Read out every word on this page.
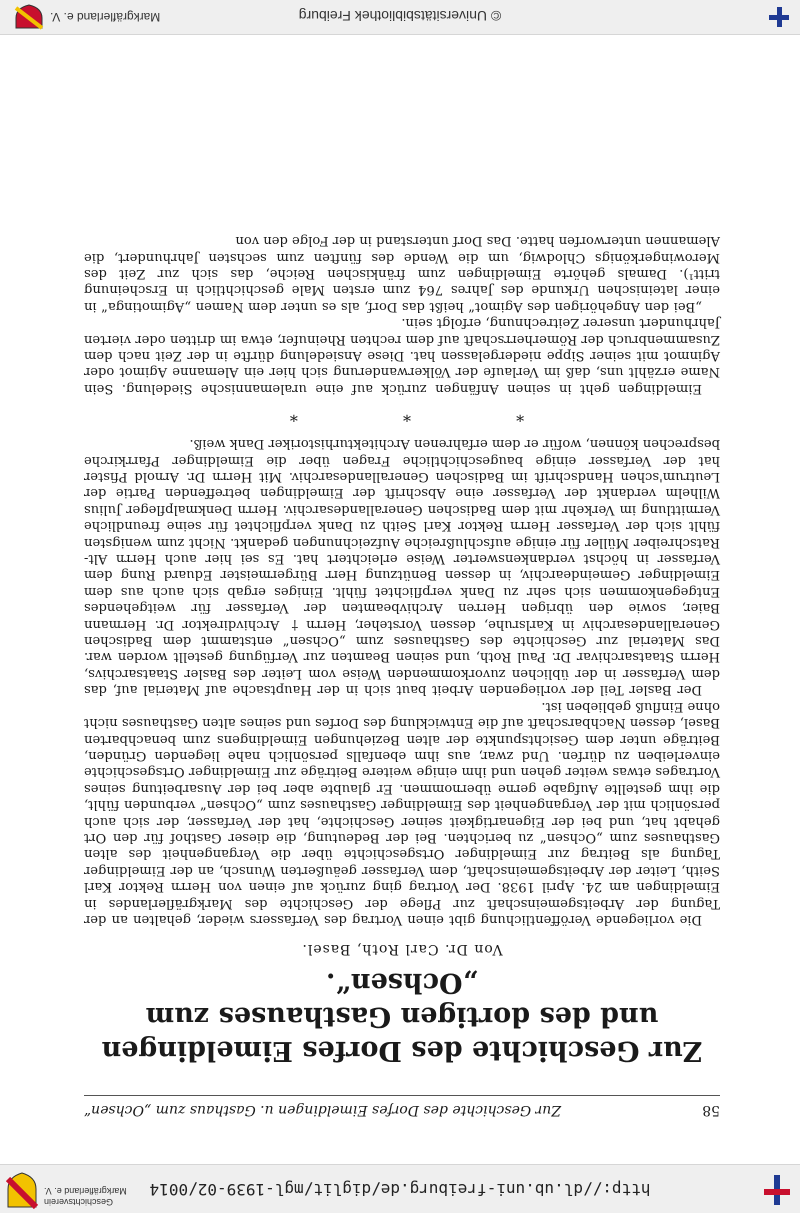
http://dl.ub.uni-freiburg.de/diglit/mgl-1939-02/0014
Geschichtsverein
Markgräflerland e. V.
58
Zur Geschichte des Dorfes Eimeldingen u. Gasthaus zum „Ochsen“
Zur Geschichte des Dorfes Eimeldingen und des dortigen Gasthauses zum „Ochsen“.
Von Dr. Carl Roth, Basel.

Die vorliegende Veröffentlichung gibt einen Vortrag des Verfassers wieder, gehalten an der Tagung der Arbeitsgemeinschaft zur Pflege der Geschichte des Markgräflerlandes in Eimeldingen am 24. April 1938. Der Vortrag ging zurück auf einen von Herrn Rektor Karl Seith, Leiter der Arbeitsgemeinschaft, dem Verfasser geäußerten Wunsch, an der Eimeldinger Tagung als Beitrag zur Eimeldinger Ortsgeschichte über die Vergangenheit des alten Gasthauses zum „Ochsen“ zu berichten. Bei der Bedeutung, die dieser Gasthof für den Ort gehabt hat, und bei der Eigenartigkeit seiner Geschichte, hat der Verfasser, der sich auch persönlich mit der Vergangenheit des Eimeldinger Gasthauses zum „Ochsen“ verbunden fühlt, die ihm gestellte Aufgabe gerne übernommen. Er glaubte aber bei der Ausarbeitung seines Vortrages etwas weiter gehen und ihm einige weitere Beiträge zur Eimeldinger Ortsgeschichte einverleiben zu dürfen. Und zwar, aus ihm ebenfalls persönlich nahe liegenden Gründen, Beiträge unter dem Gesichtspunkte der alten Beziehungen Eimeldingens zum benachbarten Basel, dessen Nachbarschaft auf die Entwicklung des Dorfes und seines alten Gasthauses nicht ohne Einfluß geblieben ist.

Der Basler Teil der vorliegenden Arbeit baut sich in der Hauptsache auf Material auf, das dem Verfasser in der üblichen zuvorkommenden Weise vom Leiter des Basler Staatsarchivs, Herrn Staatsarchivar Dr. Paul Roth, und seinen Beamten zur Verfügung gestellt worden war. Das Material zur Geschichte des Gasthauses zum „Ochsen“ entstammt dem Badischen Generallandesarchiv in Karlsruhe, dessen Vorsteher, Herrn † Archivdirektor Dr. Hermann Baier, sowie den übrigen Herren Archivbeamten der Verfasser für weitgehendes Entgegenkommen sich sehr zu Dank verpflichtet fühlt. Einiges ergab sich auch aus dem Eimeldinger Gemeindearchiv, in dessen Benützung Herr Bürgermeister Eduard Rung dem Verfasser in höchst verdankenswerter Weise erleichtert hat. Es sei hier auch Herrn Alt-Ratschreiber Müller für einige aufschlußreiche Aufzeichnungen gedankt. Nicht zum wenigsten fühlt sich der Verfasser Herrn Rektor Karl Seith zu Dank verpflichtet für seine freundliche Vermittlung im Verkehr mit dem Badischen Generallandesarchiv. Herrn Denkmalpfleger Julius Wilhelm verdankt der Verfasser eine Abschrift der Eimeldingen betreffenden Partie der Leutrum'schen Handschrift im Badischen Generallandesarchiv. Mit Herrn Dr. Arnold Pfister hat der Verfasser einige baugeschichtliche Fragen über die Eimeldinger Pfarrkirche besprechen können, wofür er dem erfahrenen Architekturhistoriker Dank weiß.

* * *

Eimeldingen geht in seinen Anfängen zurück auf eine uralemannische Siedelung. Sein Name erzählt uns, daß im Verlaufe der Völkerwanderung sich hier ein Alemanne Agimot oder Aginmot mit seiner Sippe niedergelassen hat. Diese Ansiedelung dürfte in der Zeit nach dem Zusammenbruch der Römerherrschaft auf dem rechten Rheinufer, etwa im dritten oder vierten Jahrhundert unserer Zeitrechnung, erfolgt sein.

„Bei den Angehörigen des Agimot“ heißt das Dorf, als es unter dem Namen „Agimotinga“ in einer lateinischen Urkunde des Jahres 764 zum ersten Male geschichtlich in Erscheinung tritt¹). Damals gehörte Eimeldingen zum fränkischen Reiche, das sich zur Zeit des Merowingerkönigs Chlodwig, um die Wende des fünften zum sechsten Jahrhundert, die Alemannen unterworfen hatte. Das Dorf unterstand in der Folge den von

© Universitätsbibliothek Freiburg
Markgräflerland e. V.
